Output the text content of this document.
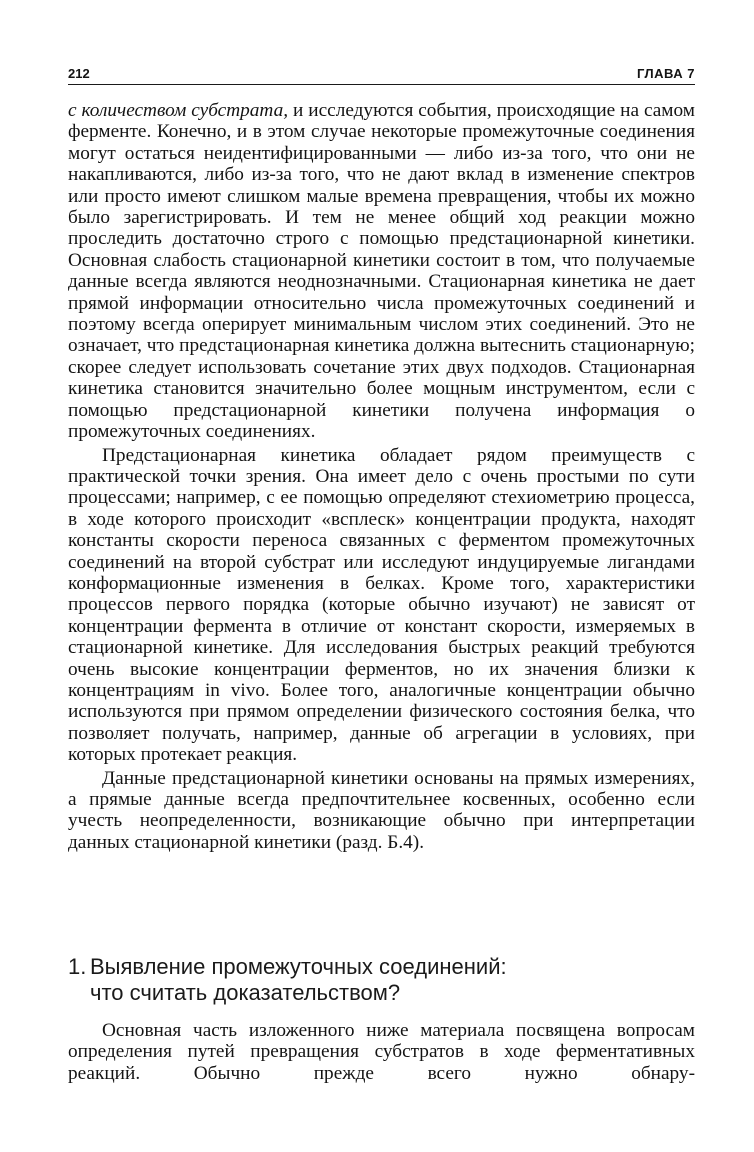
212	ГЛАВА 7

с количеством субстрата, и исследуются события, происходящие на самом ферменте. Конечно, и в этом случае некоторые промежуточные соединения могут остаться неидентифицированными — либо из-за того, что они не накапливаются, либо из-за того, что не дают вклад в изменение спектров или просто имеют слишком малые времена превращения, чтобы их можно было зарегистрировать. И тем не менее общий ход реакции можно проследить достаточно строго с помощью предстационарной кинетики. Основная слабость стационарной кинетики состоит в том, что получаемые данные всегда являются неоднозначными. Стационарная кинетика не дает прямой информации относительно числа промежуточных соединений и поэтому всегда оперирует минимальным числом этих соединений. Это не означает, что предстационарная кинетика должна вытеснить стационарную; скорее следует использовать сочетание этих двух подходов. Стационарная кинетика становится значительно более мощным инструментом, если с помощью предстационарной кинетики получена информация о промежуточных соединениях.

Предстационарная кинетика обладает рядом преимуществ с практической точки зрения. Она имеет дело с очень простыми по сути процессами; например, с ее помощью определяют стехиометрию процесса, в ходе которого происходит «всплеск» концентрации продукта, находят константы скорости переноса связанных с ферментом промежуточных соединений на второй субстрат или исследуют индуцируемые лигандами конформационные изменения в белках. Кроме того, характеристики процессов первого порядка (которые обычно изучают) не зависят от концентрации фермента в отличие от констант скорости, измеряемых в стационарной кинетике. Для исследования быстрых реакций требуются очень высокие концентрации ферментов, но их значения близки к концентрациям in vivo. Более того, аналогичные концентрации обычно используются при прямом определении физического состояния белка, что позволяет получать, например, данные об агрегации в условиях, при которых протекает реакция.

Данные предстационарной кинетики основаны на прямых измерениях, а прямые данные всегда предпочтительнее косвенных, особенно если учесть неопределенности, возникающие обычно при интерпретации данных стационарной кинетики (разд. Б.4).

1. Выявление промежуточных соединений:
что считать доказательством?

Основная часть изложенного ниже материала посвящена вопросам определения путей превращения субстратов в ходе ферментативных реакций. Обычно прежде всего нужно обнару-
